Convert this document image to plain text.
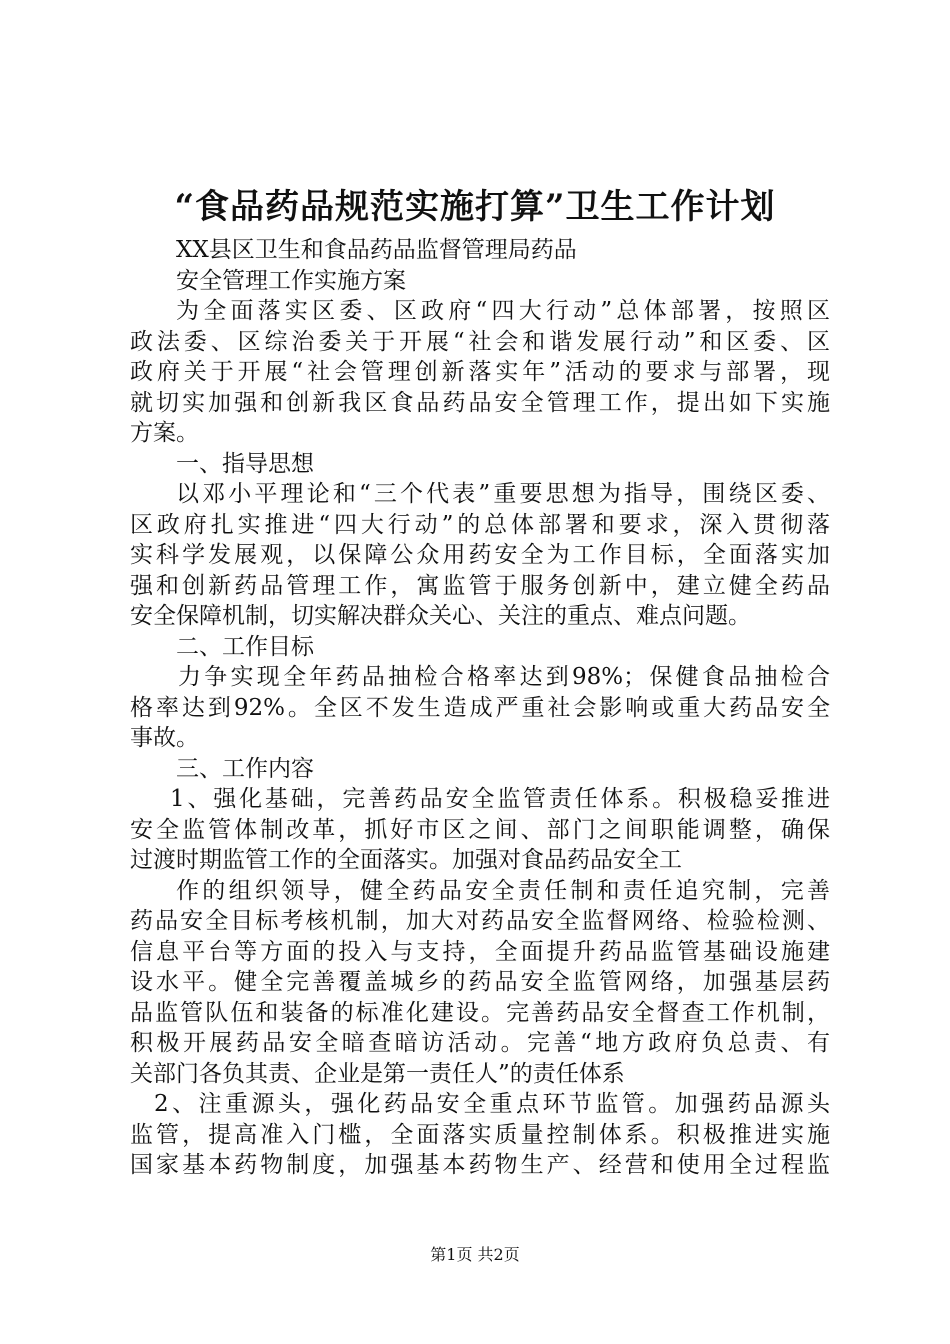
“食品药品规范实施打算”卫生工作计划
XX县区卫生和食品药品监督管理局药品
安全管理工作实施方案
为全面落实区委、区政府“四大行动”总体部署，按照区
政法委、区综治委关于开展“社会和谐发展行动”和区委、区
政府关于开展“社会管理创新落实年”活动的要求与部署，现
就切实加强和创新我区食品药品安全管理工作，提出如下实施
方案。
一、指导思想
以邓小平理论和“三个代表”重要思想为指导，围绕区委、
区政府扎实推进“四大行动”的总体部署和要求，深入贯彻落
实科学发展观，以保障公众用药安全为工作目标，全面落实加
强和创新药品管理工作，寓监管于服务创新中，建立健全药品
安全保障机制，切实解决群众关心、关注的重点、难点问题。
二、工作目标
力争实现全年药品抽检合格率达到98%；保健食品抽检合
格率达到92%。全区不发生造成严重社会影响或重大药品安全
事故。
三、工作内容
1、强化基础，完善药品安全监管责任体系。积极稳妥推进
安全监管体制改革，抓好市区之间、部门之间职能调整，确保
过渡时期监管工作的全面落实。加强对食品药品安全工
作的组织领导，健全药品安全责任制和责任追究制，完善
药品安全目标考核机制，加大对药品安全监督网络、检验检测、
信息平台等方面的投入与支持，全面提升药品监管基础设施建
设水平。健全完善覆盖城乡的药品安全监管网络，加强基层药
品监管队伍和装备的标准化建设。完善药品安全督查工作机制，
积极开展药品安全暗查暗访活动。完善“地方政府负总责、有
关部门各负其责、企业是第一责任人”的责任体系
2、注重源头，强化药品安全重点环节监管。加强药品源头
监管，提高准入门槛，全面落实质量控制体系。积极推进实施
国家基本药物制度，加强基本药物生产、经营和使用全过程监
第1页 共2页
